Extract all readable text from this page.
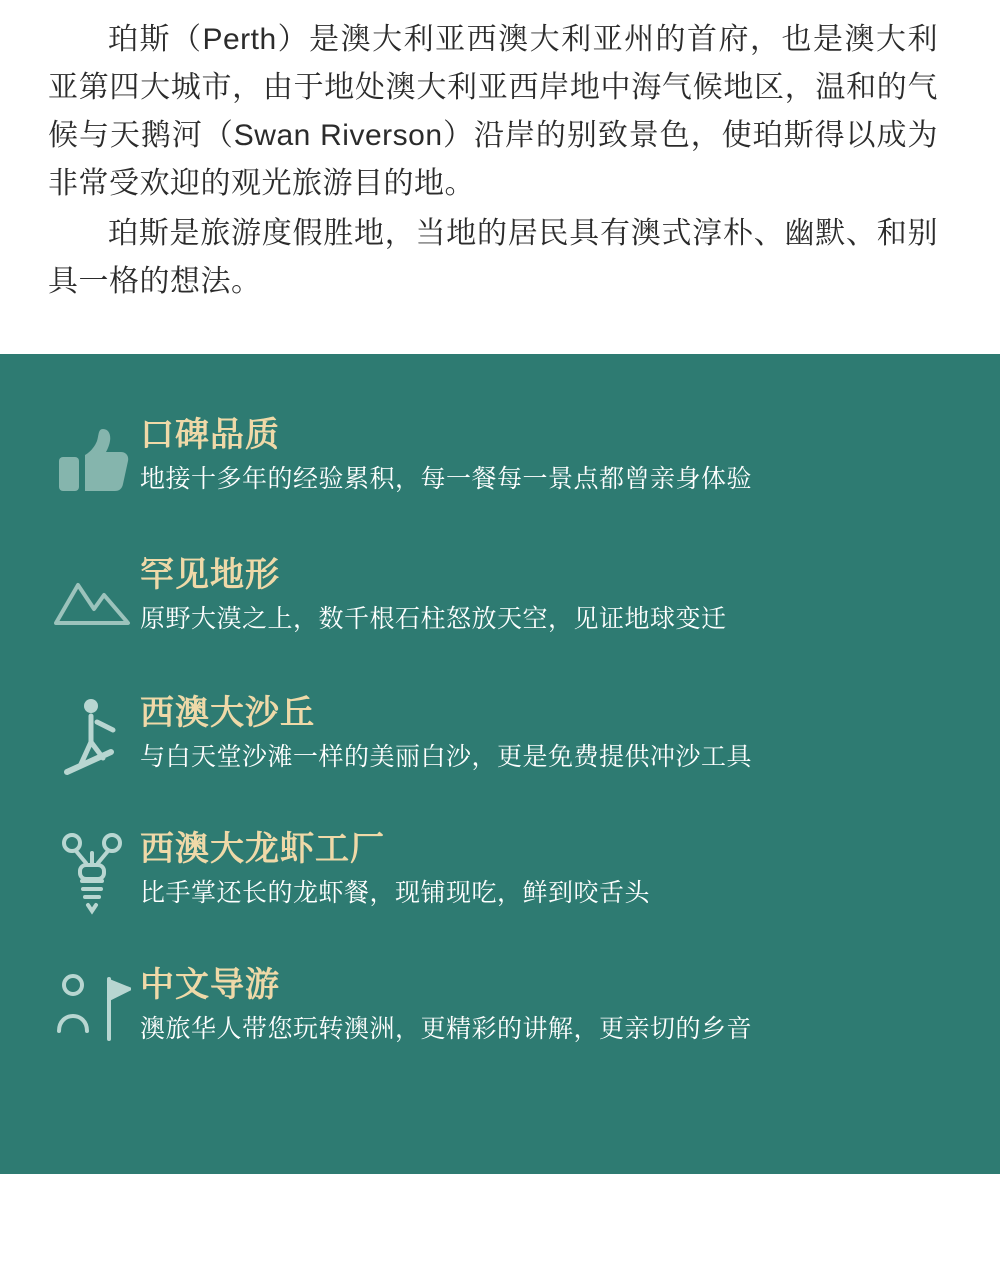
珀斯（Perth）是澳大利亚西澳大利亚州的首府，也是澳大利亚第四大城市，由于地处澳大利亚西岸地中海气候地区，温和的气候与天鹅河（Swan Riverson）沿岸的别致景色，使珀斯得以成为非常受欢迎的观光旅游目的地。

珀斯是旅游度假胜地，当地的居民具有澳式淳朴、幽默、和别具一格的想法。

口碑品质
地接十多年的经验累积，每一餐每一景点都曾亲身体验
罕见地形
原野大漠之上，数千根石柱怒放天空，见证地球变迁
西澳大沙丘
与白天堂沙滩一样的美丽白沙，更是免费提供冲沙工具
西澳大龙虾工厂
比手掌还长的龙虾餐，现铺现吃，鲜到咬舌头
中文导游
澳旅华人带您玩转澳洲，更精彩的讲解，更亲切的乡音
